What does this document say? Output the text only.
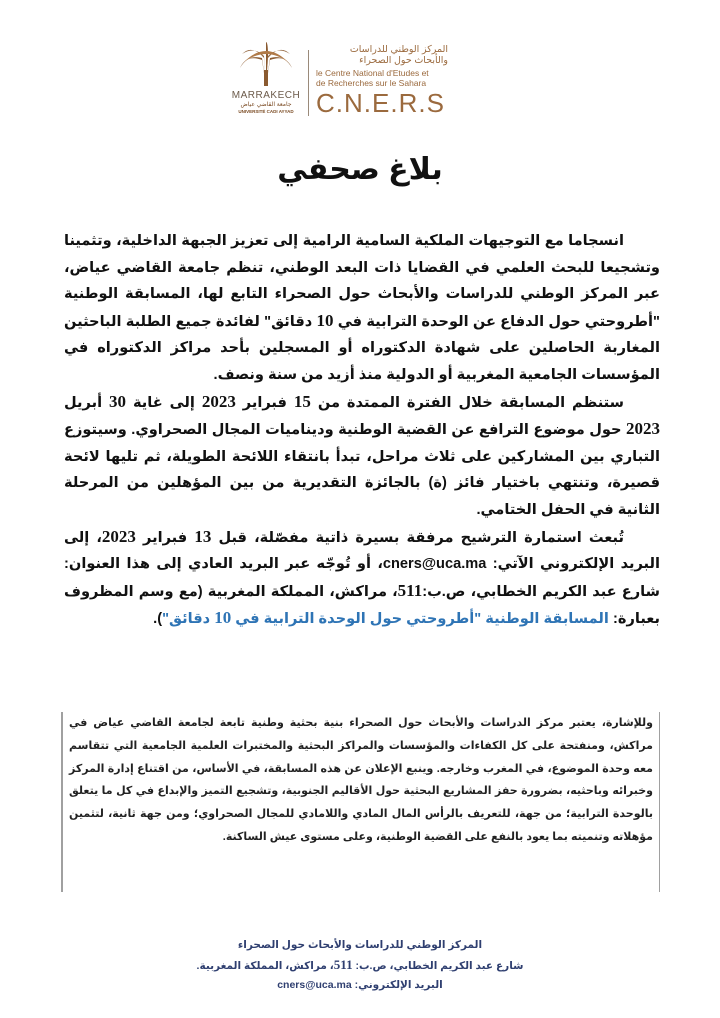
MARRAKECH
جامعة القاضي عياض
UNIVERSITÉ CADI AYYAD
المركز الوطني للدراسات
والأبحاث حول الصحراء
le Centre National d'Etudes et
de Recherches sur le Sahara
C.N.E.R.S
بلاغ صحفي

انسجاما مع التوجيهات الملكية السامية الرامية إلى تعزيز الجبهة الداخلية، وتثمينا وتشجيعا للبحث العلمي في القضايا ذات البعد الوطني، تنظم جامعة القاضي عياض، عبر المركز الوطني للدراسات والأبحاث حول الصحراء التابع لها، المسابقة الوطنية "أطروحتي حول الدفاع عن الوحدة الترابية في 10 دقائق" لفائدة جميع الطلبة الباحثين المغاربة الحاصلين على شهادة الدكتوراه أو المسجلين بأحد مراكز الدكتوراه في المؤسسات الجامعية المغربية أو الدولية منذ أزيد من سنة ونصف.

ستنظم المسابقة خلال الفترة الممتدة من 15 فبراير 2023 إلى غاية 30 أبريل 2023 حول موضوع الترافع عن القضية الوطنية وديناميات المجال الصحراوي. وسيتوزع التباري بين المشاركين على ثلاث مراحل، تبدأ بانتقاء اللائحة الطويلة، ثم تليها لائحة قصيرة، وتنتهي باختيار فائز (ة) بالجائزة التقديرية من بين المؤهلين من المرحلة الثانية في الحفل الختامي.

تُبعث استمارة الترشيح مرفقة بسيرة ذاتية مفصّلة، قبل 13 فبراير 2023، إلى البريد الإلكتروني الآتي: cners@uca.ma، أو تُوجّه عبر البريد العادي إلى هذا العنوان: شارع عبد الكريم الخطابي، ص.ب:511، مراكش، المملكة المغربية (مع وسم المظروف بعبارة: المسابقة الوطنية "أطروحتي حول الوحدة الترابية في 10 دقائق").

وللإشارة، يعتبر مركز الدراسات والأبحاث حول الصحراء بنية بحثية وطنية تابعة لجامعة القاضي عياض في مراكش، ومنفتحة على كل الكفاءات والمؤسسات والمراكز البحثية والمختبرات العلمية الجامعية التي تتقاسم معه وحدة الموضوع، في المغرب وخارجه. وينبع الإعلان عن هذه المسابقة، في الأساس، من اقتناع إدارة المركز وخبرائه وباحثيه، بضرورة حفز المشاريع البحثية حول الأقاليم الجنوبية، وتشجيع التميز والإبداع في كل ما يتعلق بالوحدة الترابية؛ من جهة، للتعريف بالرأس المال المادي واللامادي للمجال الصحراوي؛ ومن جهة ثانية، لتثمين مؤهلاته وتنميته بما يعود بالنفع على القضية الوطنية، وعلى مستوى عيش الساكنة.
المركز الوطني للدراسات والأبحاث حول الصحراء
شارع عبد الكريم الخطابي، ص.ب: 511، مراكش، المملكة المغربية.
البريد الإلكتروني: cners@uca.ma
